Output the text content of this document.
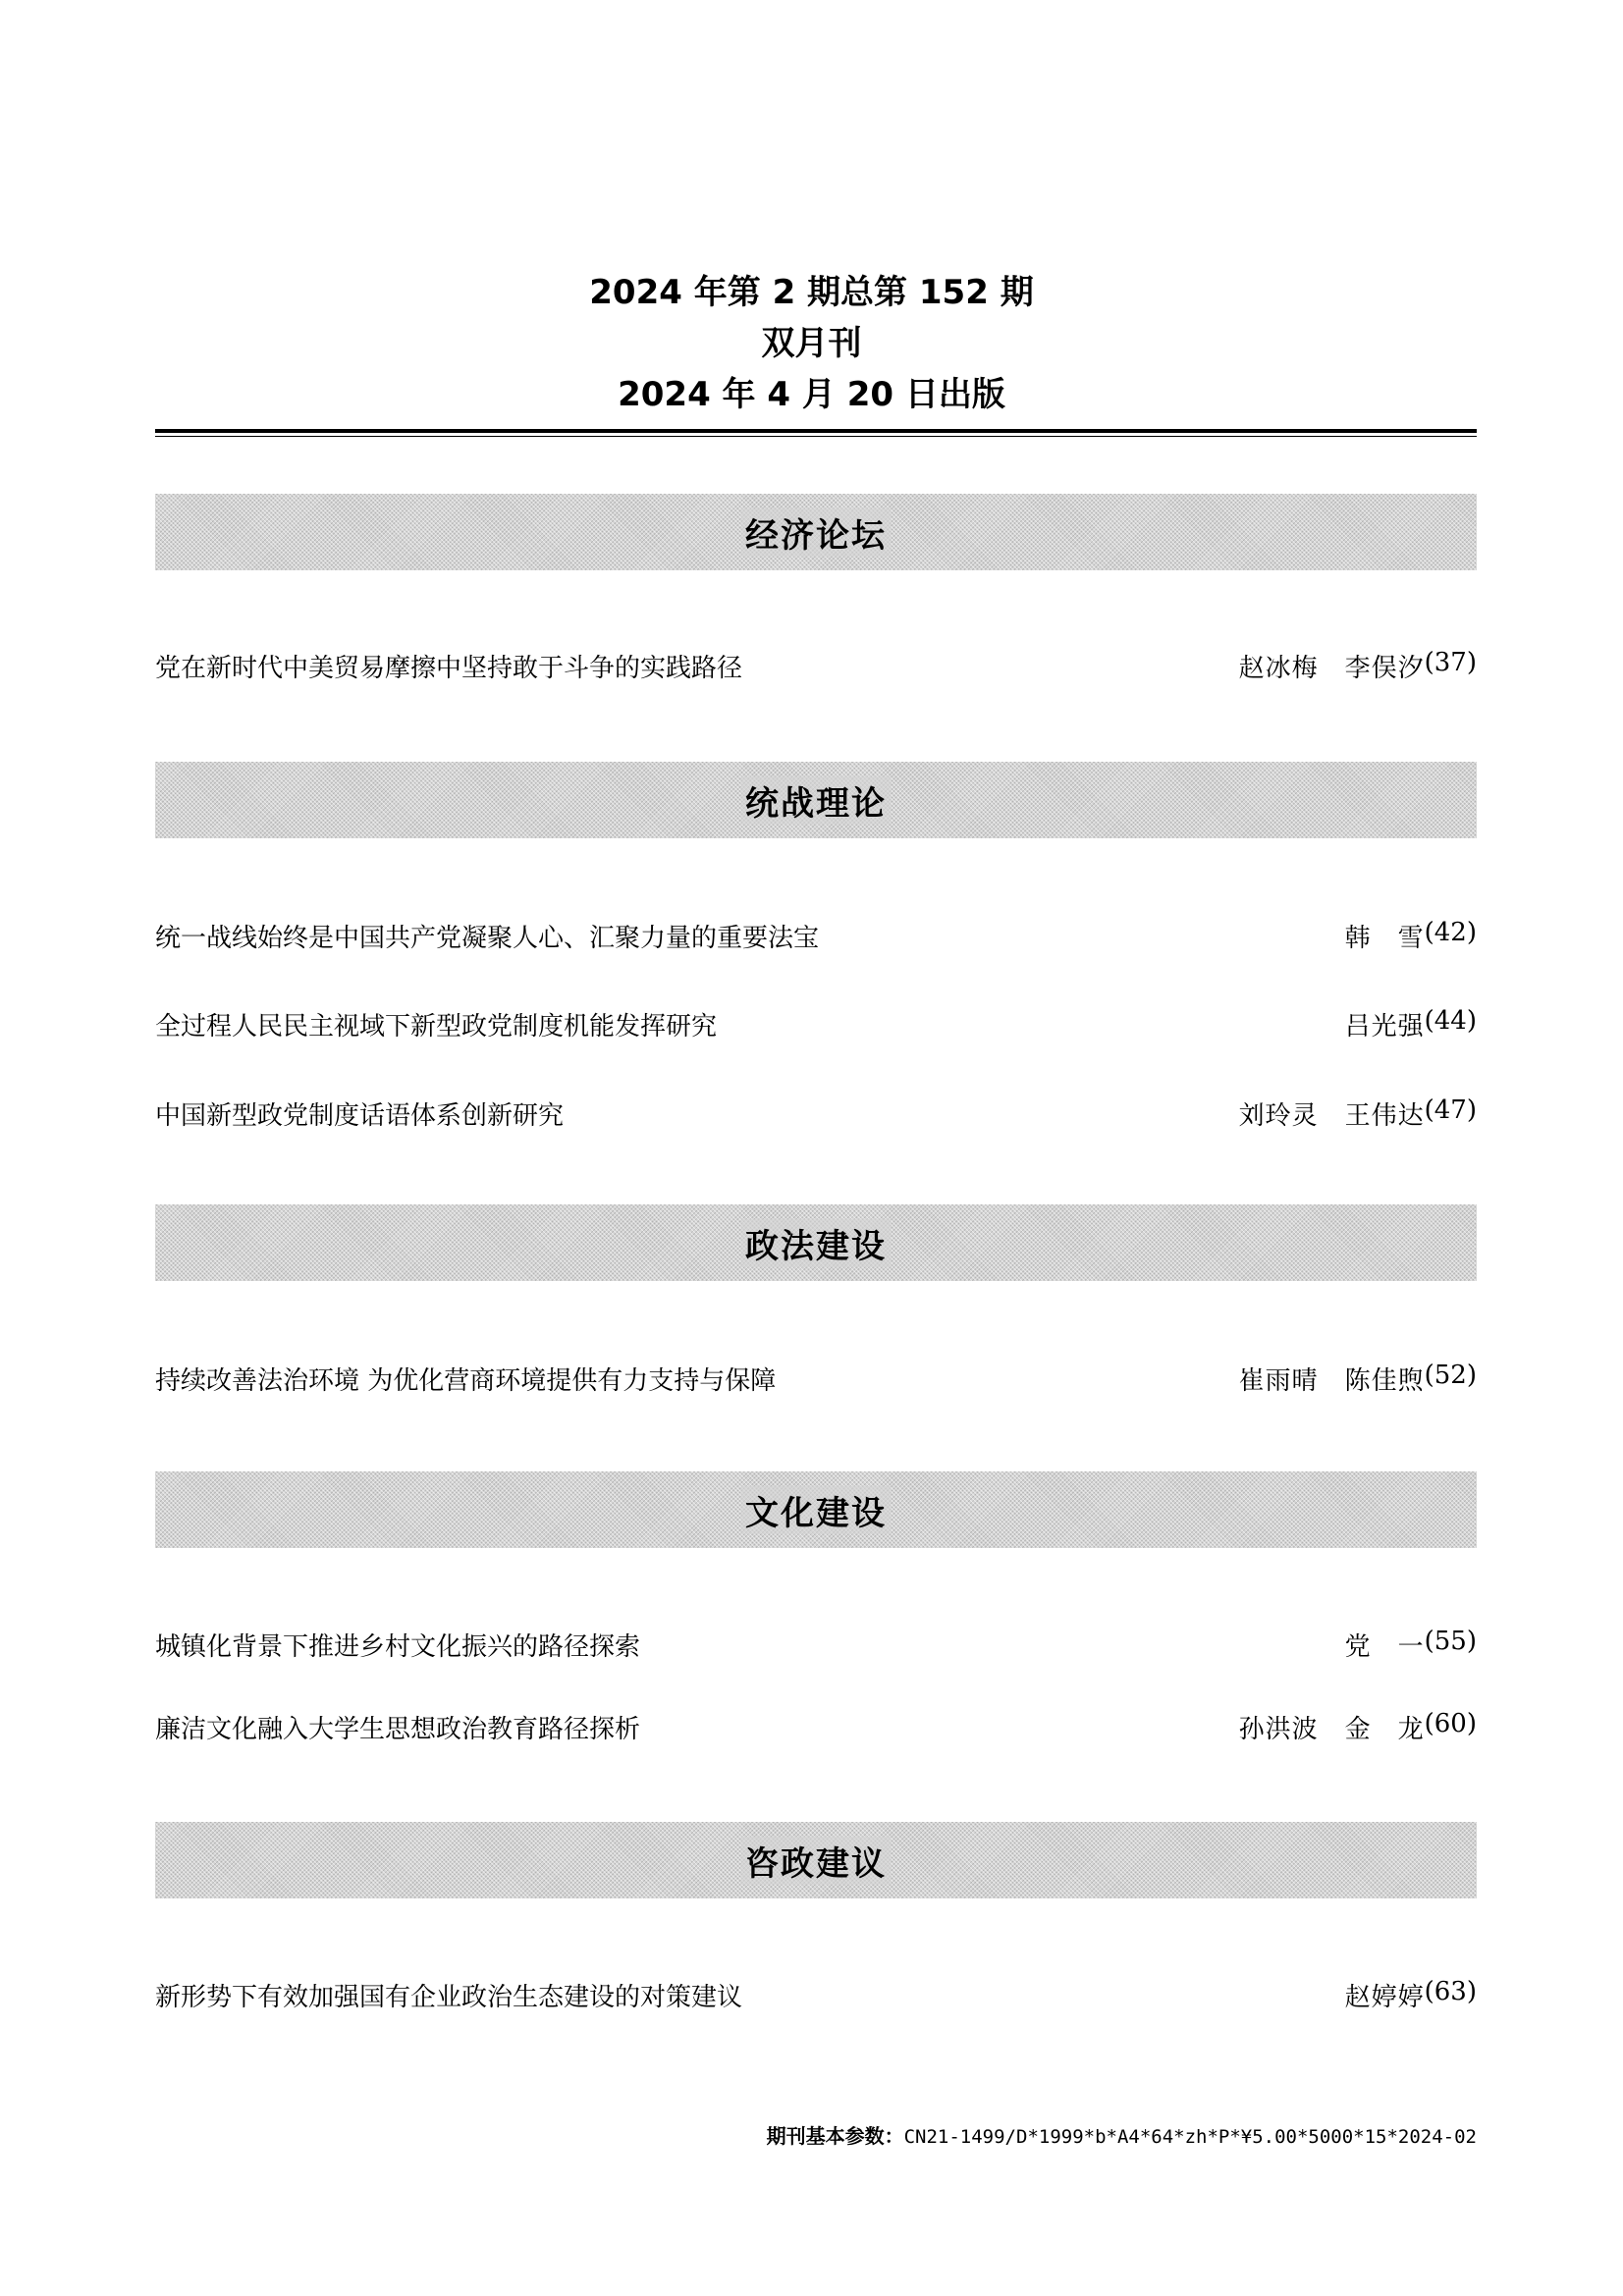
2024 年第 2 期总第 152 期
双月刊
2024 年 4 月 20 日出版
经济论坛
党在新时代中美贸易摩擦中坚持敢于斗争的实践路径	赵冰梅　李俣汐 (37)
统战理论
统一战线始终是中国共产党凝聚人心、汇聚力量的重要法宝	韩　雪 (42)
全过程人民民主视域下新型政党制度机能发挥研究	吕光强 (44)
中国新型政党制度话语体系创新研究	刘玲灵　王伟达 (47)
政法建设
持续改善法治环境 为优化营商环境提供有力支持与保障	崔雨晴　陈佳煦 (52)
文化建设
城镇化背景下推进乡村文化振兴的路径探索	党　一 (55)
廉洁文化融入大学生思想政治教育路径探析	孙洪波　金　龙 (60)
咨政建议
新形势下有效加强国有企业政治生态建设的对策建议	赵婷婷 (63)
期刊基本参数：CN21-1499/D*1999*b*A4*64*zh*P*¥5.00*5000*15*2024-02
